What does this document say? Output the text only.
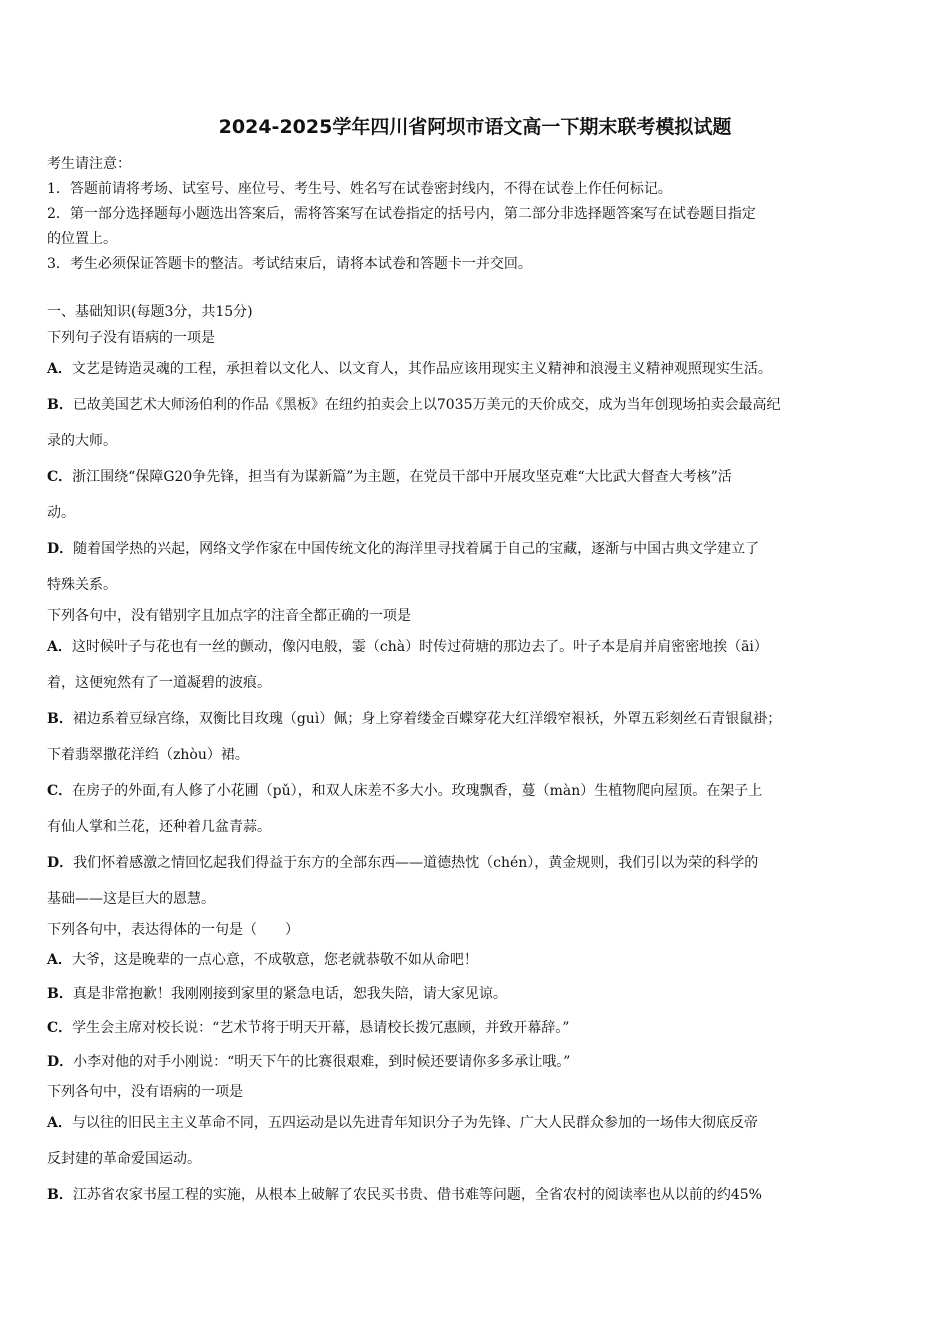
2024-2025学年四川省阿坝市语文高一下期末联考模拟试题

考生请注意：

1．答题前请将考场、试室号、座位号、考生号、姓名写在试卷密封线内，不得在试卷上作任何标记。

2．第一部分选择题每小题选出答案后，需将答案写在试卷指定的括号内，第二部分非选择题答案写在试卷题目指定

的位置上。

3．考生必须保证答题卡的整洁。考试结束后，请将本试卷和答题卡一并交回。

一、基础知识(每题3分，共15分)

下列句子没有语病的一项是

A．文艺是铸造灵魂的工程，承担着以文化人、以文育人，其作品应该用现实主义精神和浪漫主义精神观照现实生活。

B．已故美国艺术大师汤伯利的作品《黑板》在纽约拍卖会上以7035万美元的天价成交，成为当年创现场拍卖会最高纪

录的大师。

C．浙江围绕“保障G20争先锋，担当有为谋新篇”为主题，在党员干部中开展攻坚克难“大比武大督查大考核”活

动。

D．随着国学热的兴起，网络文学作家在中国传统文化的海洋里寻找着属于自己的宝藏，逐渐与中国古典文学建立了

特殊关系。

下列各句中，没有错别字且加点字的注音全都正确的一项是

A．这时候叶子与花也有一丝的颤动，像闪电般，霎（chà）时传过荷塘的那边去了。叶子本是肩并肩密密地挨（āi）

着，这便宛然有了一道凝碧的波痕。

B．裙边系着豆绿宫绦，双衡比目玫瑰（guì）佩；身上穿着缕金百蝶穿花大红洋缎窄裉袄，外罩五彩刻丝石青银鼠褂；

下着翡翠撒花洋绉（zhòu）裙。

C．在房子的外面,有人修了小花圃（pǔ），和双人床差不多大小。玫瑰飘香，蔓（màn）生植物爬向屋顶。在架子上

有仙人掌和兰花，还种着几盆青蒜。

D．我们怀着感激之情回忆起我们得益于东方的全部东西——道德热忱（chén），黄金规则，我们引以为荣的科学的

基础——这是巨大的恩慧。

下列各句中，表达得体的一句是（　　）

A．大爷，这是晚辈的一点心意，不成敬意，您老就恭敬不如从命吧！

B．真是非常抱歉！我刚刚接到家里的紧急电话，恕我失陪，请大家见谅。

C．学生会主席对校长说：“艺术节将于明天开幕，恳请校长拨冗惠顾，并致开幕辞。”

D．小李对他的对手小刚说：“明天下午的比赛很艰难，到时候还要请你多多承让哦。”

下列各句中，没有语病的一项是

A．与以往的旧民主主义革命不同，五四运动是以先进青年知识分子为先锋、广大人民群众参加的一场伟大彻底反帝

反封建的革命爱国运动。

B．江苏省农家书屋工程的实施，从根本上破解了农民买书贵、借书难等问题，全省农村的阅读率也从以前的约45%
